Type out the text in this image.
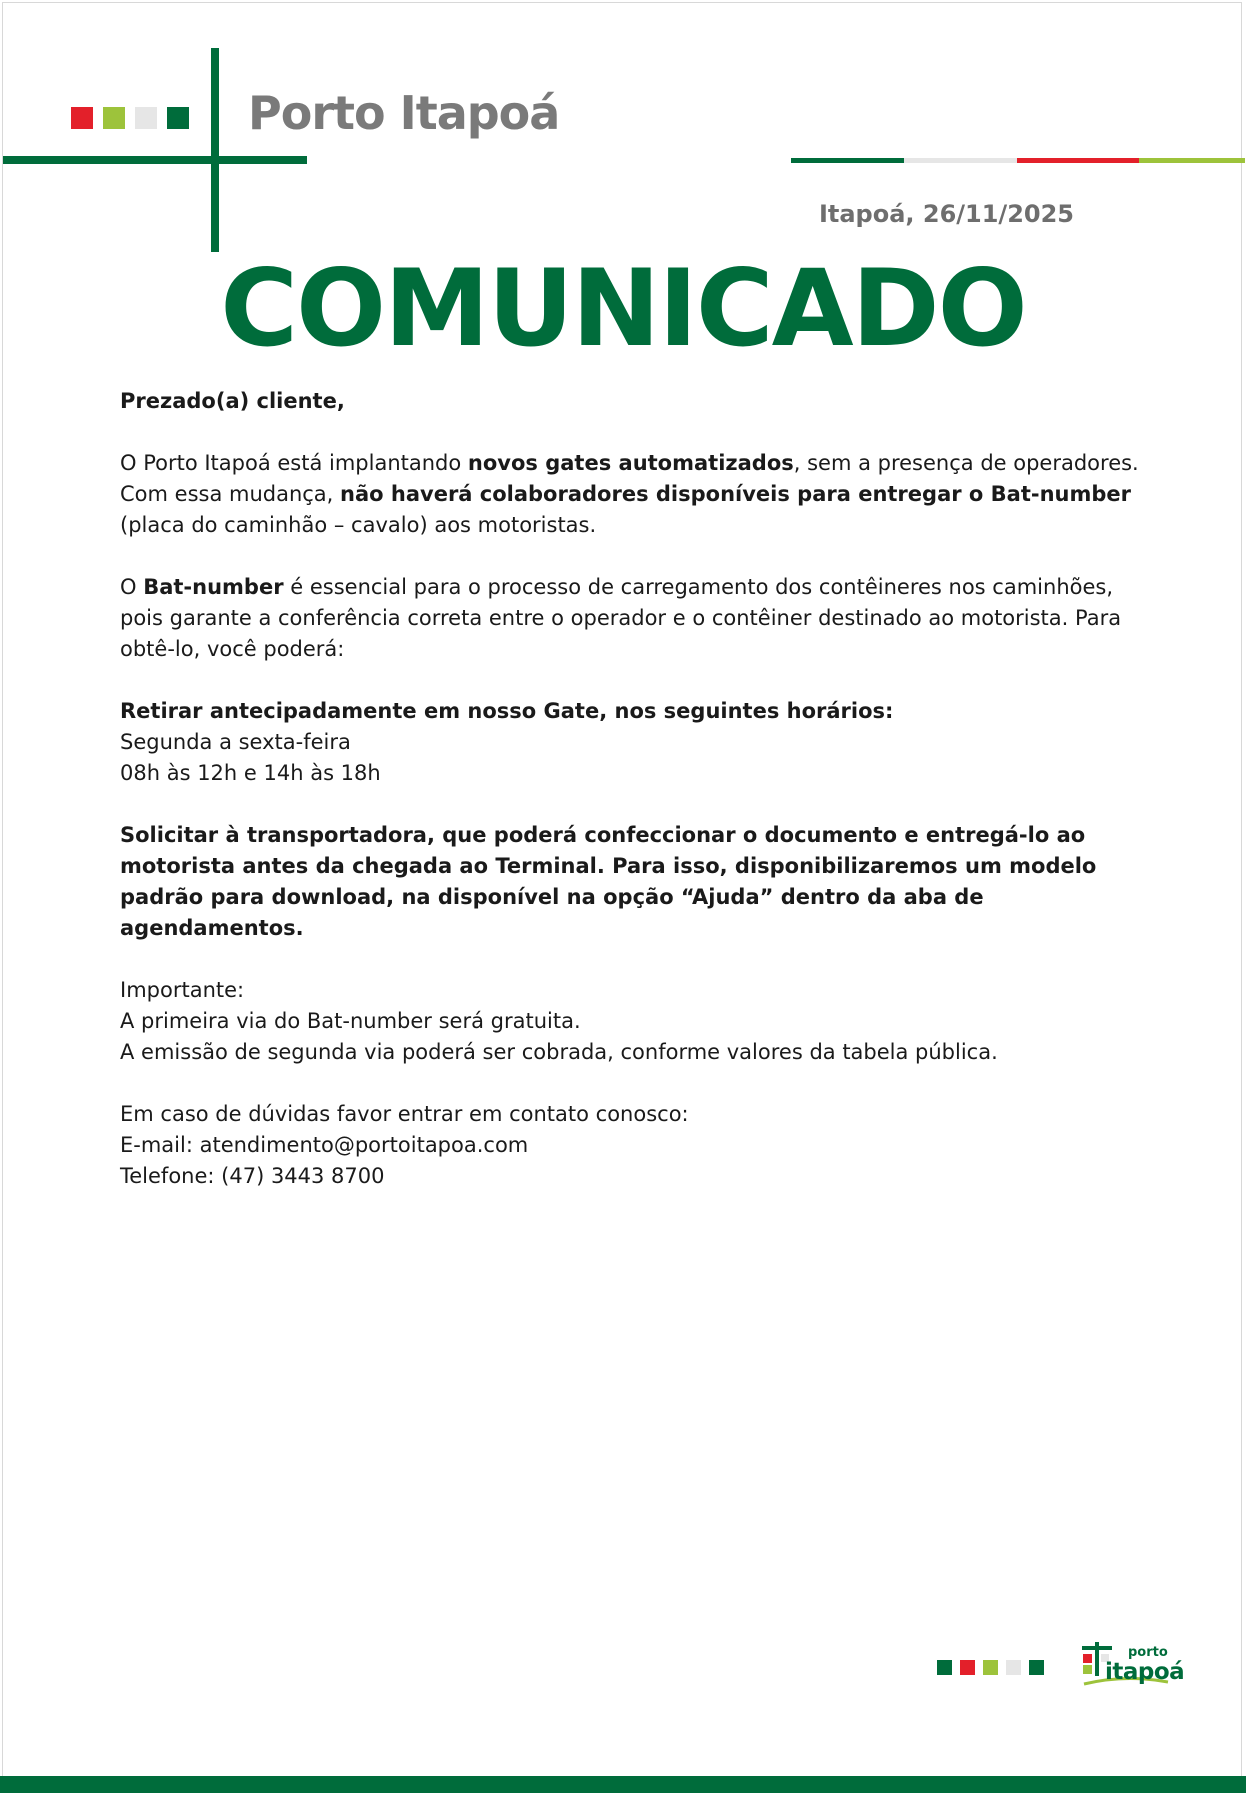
Porto Itapoá
Itapoá, 26/11/2025
COMUNICADO

Prezado(a) cliente,

O Porto Itapoá está implantando novos gates automatizados, sem a presença de operadores.
Com essa mudança, não haverá colaboradores disponíveis para entregar o Bat-number (placa do caminhão – cavalo) aos motoristas.

O Bat-number é essencial para o processo de carregamento dos contêineres nos caminhões, pois garante a conferência correta entre o operador e o contêiner destinado ao motorista. Para obtê-lo, você poderá:

Retirar antecipadamente em nosso Gate, nos seguintes horários:
Segunda a sexta-feira
08h às 12h e 14h às 18h

Solicitar à transportadora, que poderá confeccionar o documento e entregá-lo ao motorista antes da chegada ao Terminal. Para isso, disponibilizaremos um modelo padrão para download, na disponível na opção “Ajuda” dentro da aba de agendamentos.

Importante:
A primeira via do Bat-number será gratuita.
A emissão de segunda via poderá ser cobrada, conforme valores da tabela pública.

Em caso de dúvidas favor entrar em contato conosco:
E-mail: atendimento@portoitapoa.com
Telefone: (47) 3443 8700

porto
itapoá
